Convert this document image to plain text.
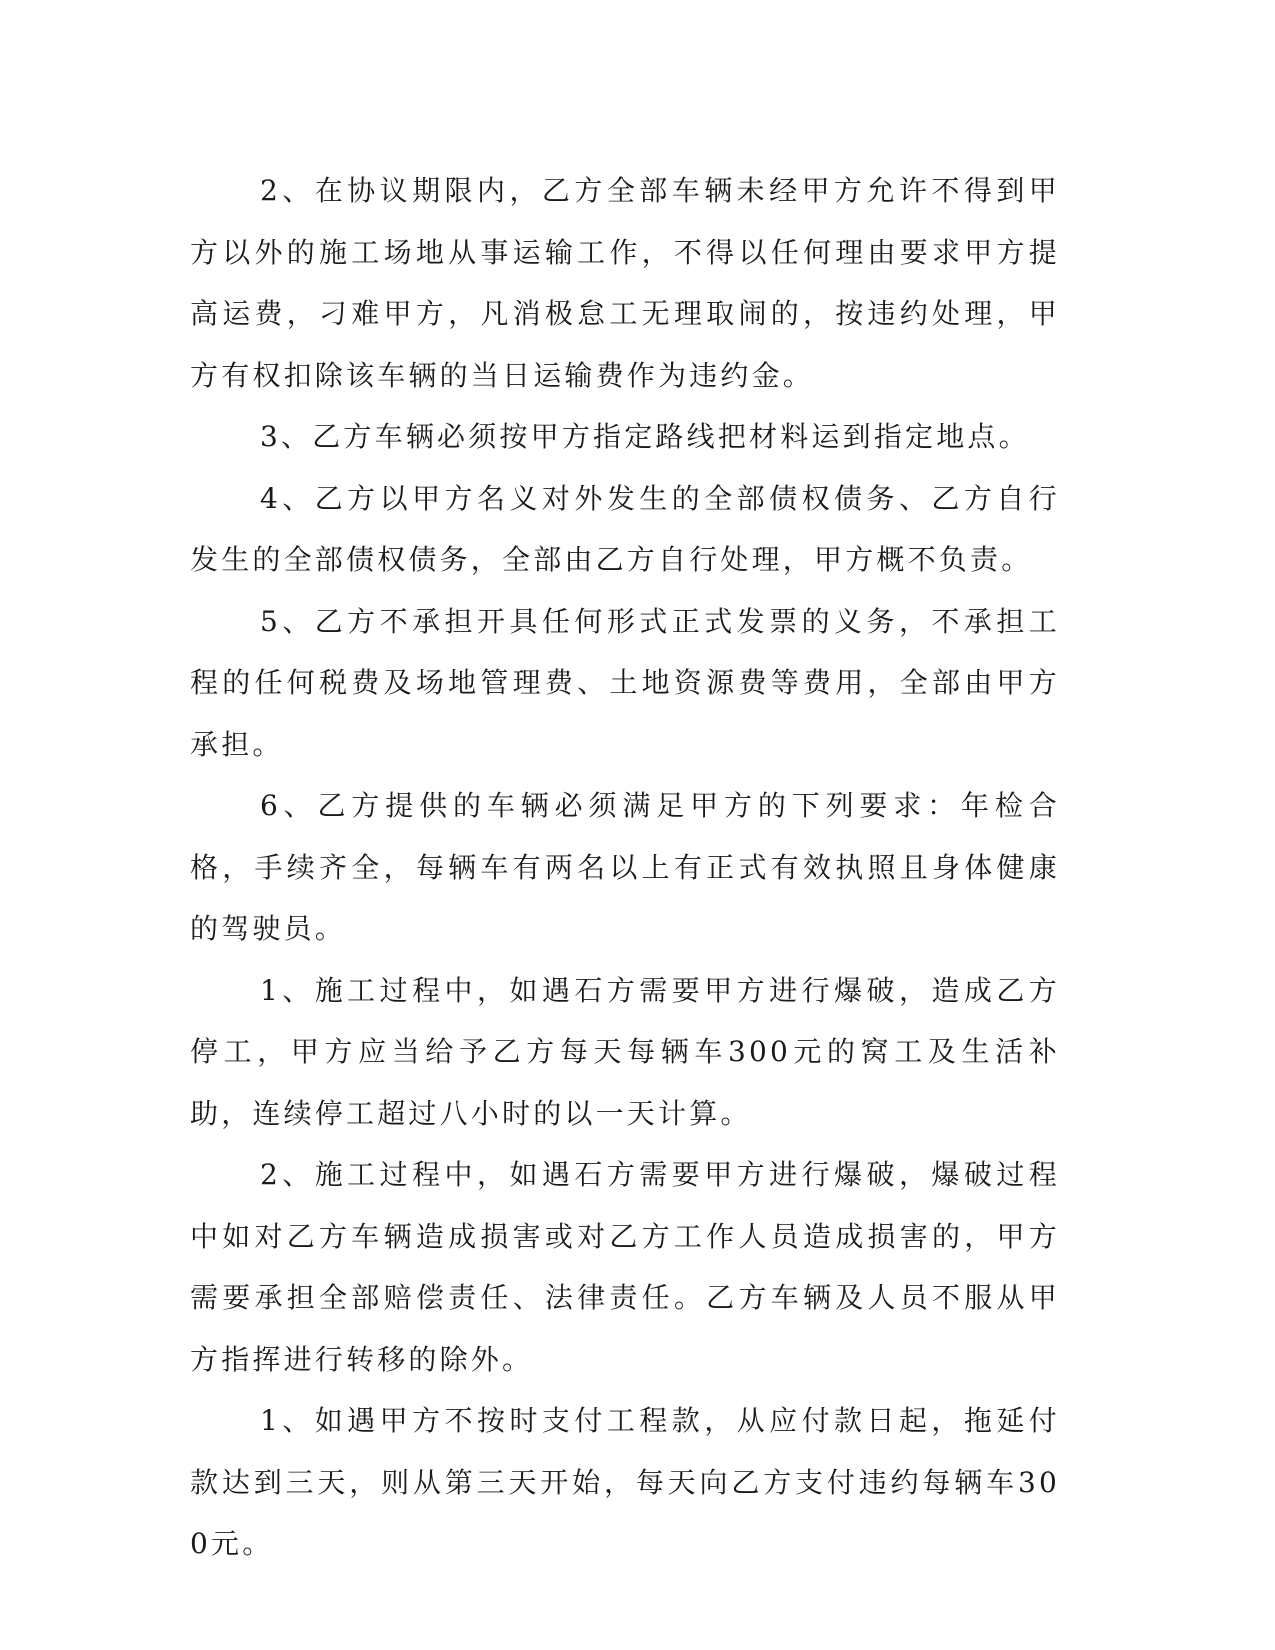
2、在协议期限内，乙方全部车辆未经甲方允许不得到甲方以外的施工场地从事运输工作，不得以任何理由要求甲方提高运费，刁难甲方，凡消极怠工无理取闹的，按违约处理，甲方有权扣除该车辆的当日运输费作为违约金。

3、乙方车辆必须按甲方指定路线把材料运到指定地点。

4、乙方以甲方名义对外发生的全部债权债务、乙方自行发生的全部债权债务，全部由乙方自行处理，甲方概不负责。

5、乙方不承担开具任何形式正式发票的义务，不承担工程的任何税费及场地管理费、土地资源费等费用，全部由甲方承担。

6、乙方提供的车辆必须满足甲方的下列要求：年检合格，手续齐全，每辆车有两名以上有正式有效执照且身体健康的驾驶员。

1、施工过程中，如遇石方需要甲方进行爆破，造成乙方停工，甲方应当给予乙方每天每辆车300元的窝工及生活补助，连续停工超过八小时的以一天计算。

2、施工过程中，如遇石方需要甲方进行爆破，爆破过程中如对乙方车辆造成损害或对乙方工作人员造成损害的，甲方需要承担全部赔偿责任、法律责任。乙方车辆及人员不服从甲方指挥进行转移的除外。

1、如遇甲方不按时支付工程款，从应付款日起，拖延付款达到三天，则从第三天开始，每天向乙方支付违约每辆车300元。
